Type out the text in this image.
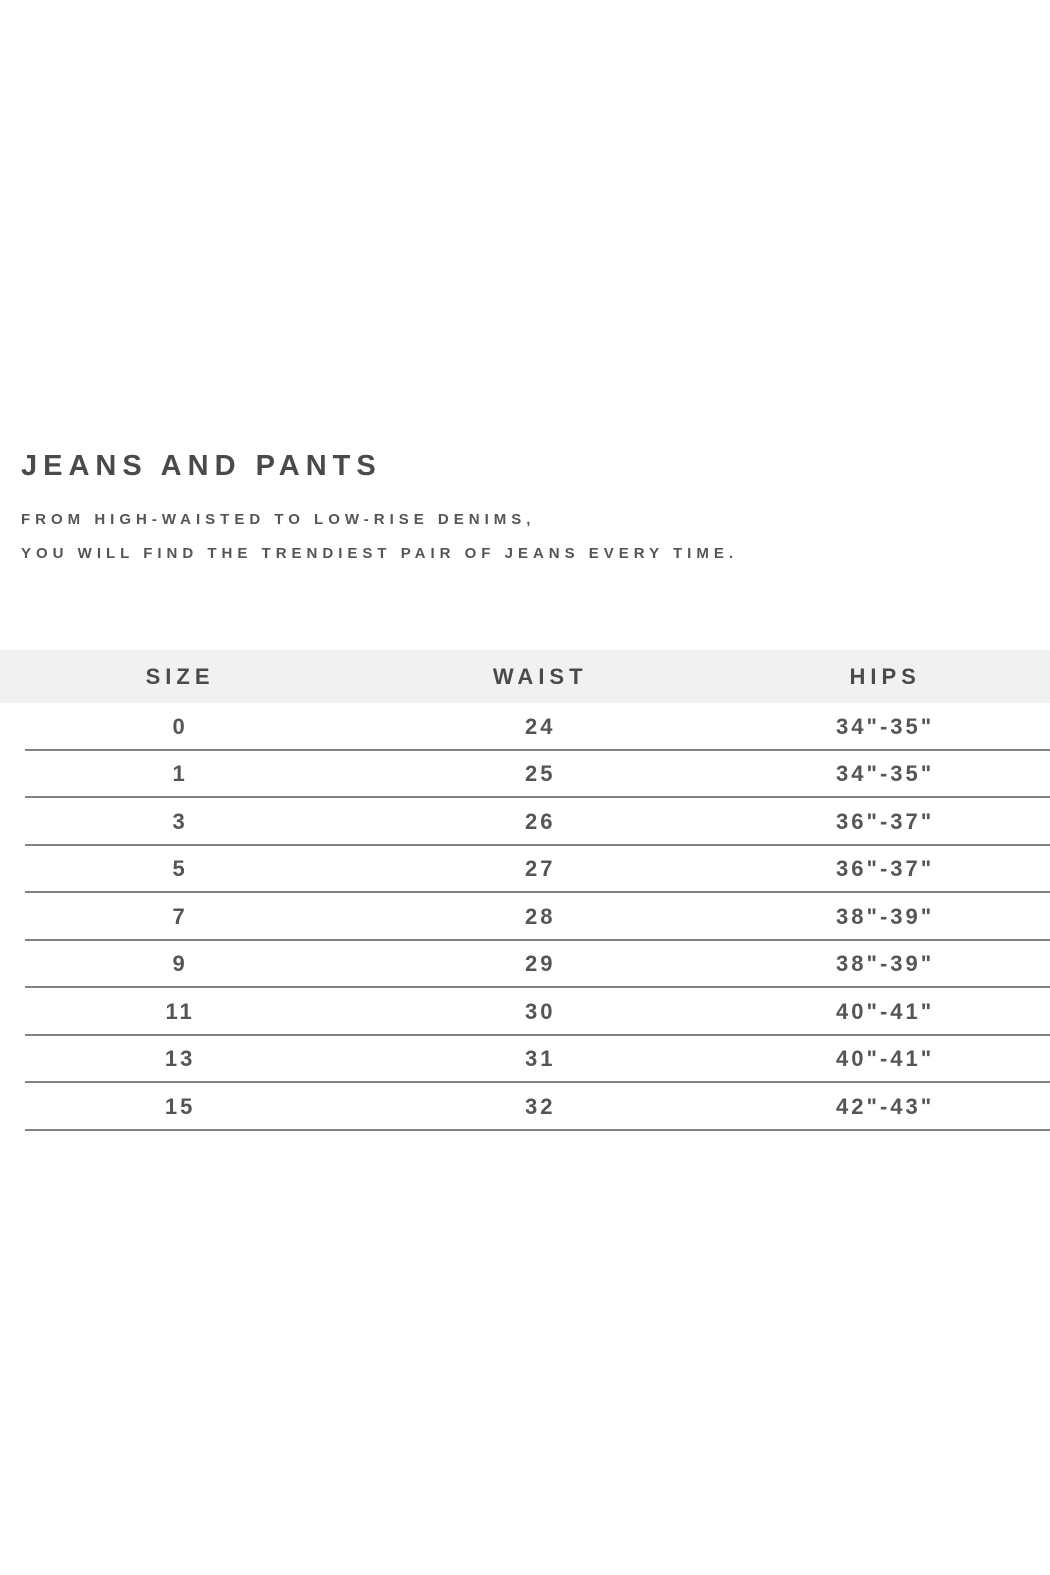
JEANS AND PANTS

FROM HIGH-WAISTED TO LOW-RISE DENIMS,

YOU WILL FIND THE TRENDIEST PAIR OF JEANS EVERY TIME.

SIZE	WAIST	HIPS
0	24	34"-35"
1	25	34"-35"
3	26	36"-37"
5	27	36"-37"
7	28	38"-39"
9	29	38"-39"
11	30	40"-41"
13	31	40"-41"
15	32	42"-43"
